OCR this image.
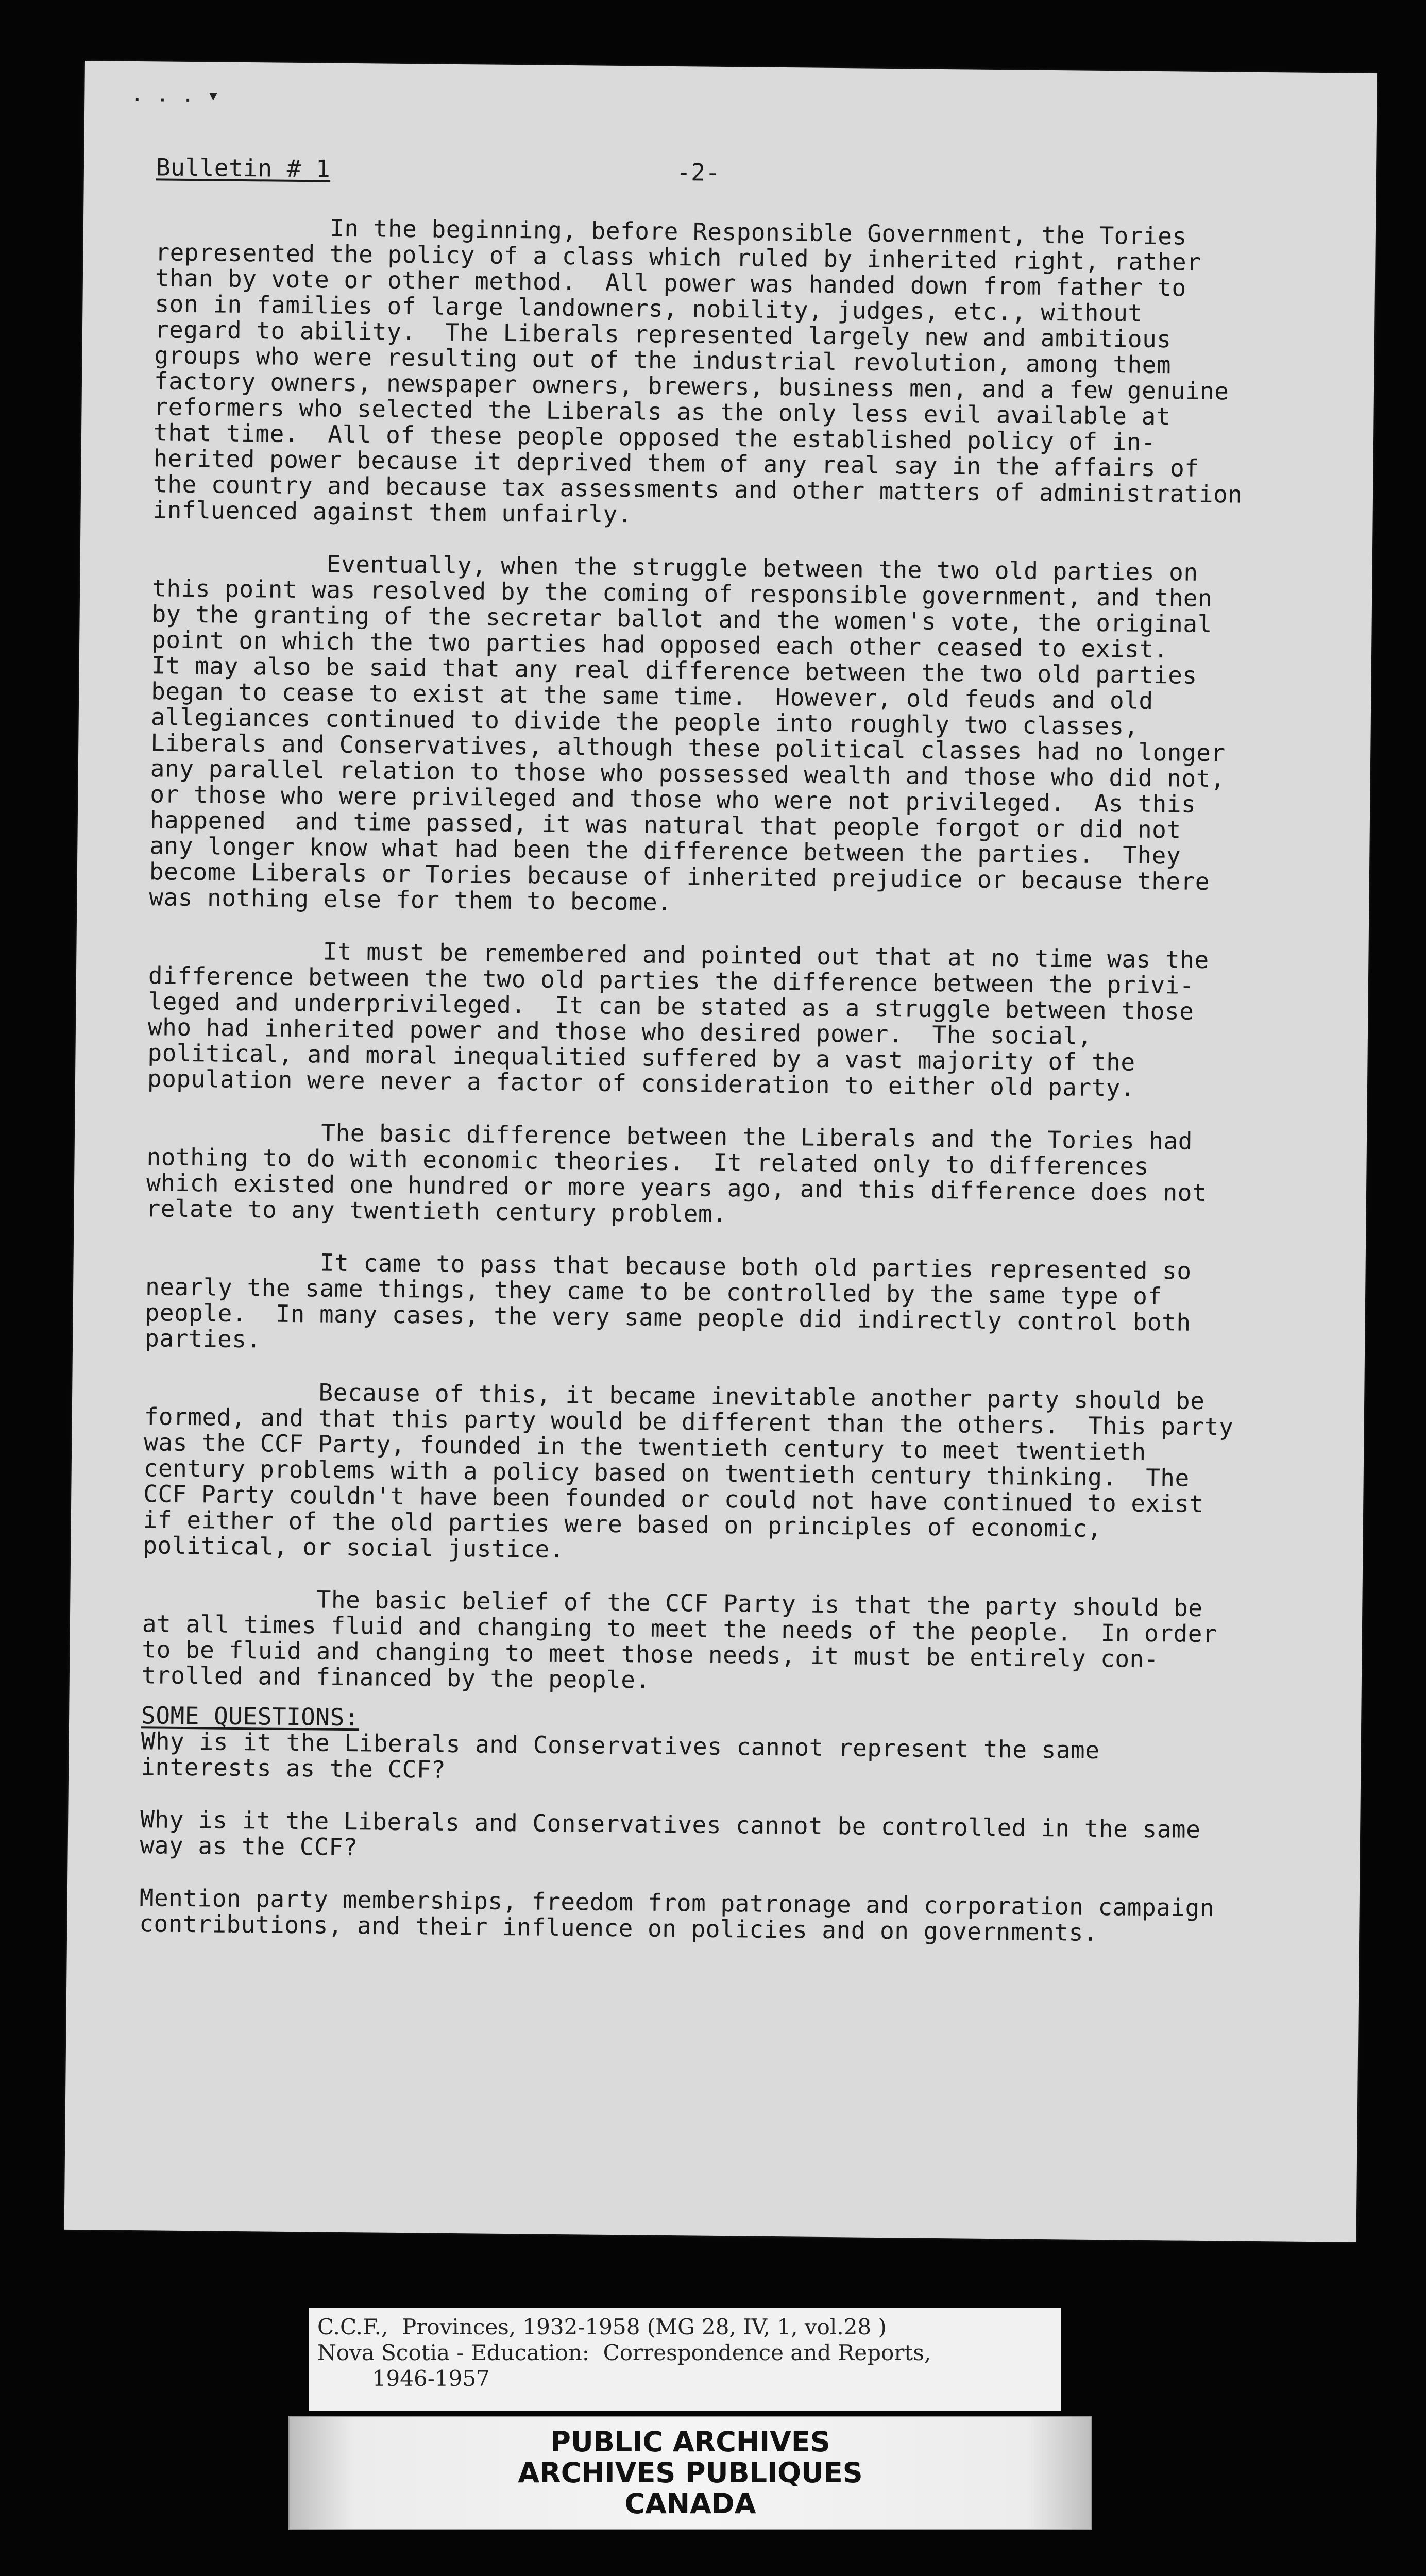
. . . ▾
Bulletin # 1	-2-

In the beginning, before Responsible Government, the Tories
represented the policy of a class which ruled by inherited right, rather
than by vote or other method.  All power was handed down from father to
son in families of large landowners, nobility, judges, etc., without
regard to ability.  The Liberals represented largely new and ambitious
groups who were resulting out of the industrial revolution, among them
factory owners, newspaper owners, brewers, business men, and a few genuine
reformers who selected the Liberals as the only less evil available at
that time.  All of these people opposed the established policy of in-
herited power because it deprived them of any real say in the affairs of
the country and because tax assessments and other matters of administration
influenced against them unfairly.

Eventually, when the struggle between the two old parties on
this point was resolved by the coming of responsible government, and then
by the granting of the secretar ballot and the women's vote, the original
point on which the two parties had opposed each other ceased to exist.
It may also be said that any real difference between the two old parties
began to cease to exist at the same time.  However, old feuds and old
allegiances continued to divide the people into roughly two classes,
Liberals and Conservatives, although these political classes had no longer
any parallel relation to those who possessed wealth and those who did not,
or those who were privileged and those who were not privileged.  As this
happened  and time passed, it was natural that people forgot or did not
any longer know what had been the difference between the parties.  They
become Liberals or Tories because of inherited prejudice or because there
was nothing else for them to become.

It must be remembered and pointed out that at no time was the
difference between the two old parties the difference between the privi-
leged and underprivileged.  It can be stated as a struggle between those
who had inherited power and those who desired power.  The social,
political, and moral inequalitied suffered by a vast majority of the
population were never a factor of consideration to either old party.

The basic difference between the Liberals and the Tories had
nothing to do with economic theories.  It related only to differences
which existed one hundred or more years ago, and this difference does not
relate to any twentieth century problem.

It came to pass that because both old parties represented so
nearly the same things, they came to be controlled by the same type of
people.  In many cases, the very same people did indirectly control both
parties.

Because of this, it became inevitable another party should be
formed, and that this party would be different than the others.  This party
was the CCF Party, founded in the twentieth century to meet twentieth
century problems with a policy based on twentieth century thinking.  The
CCF Party couldn't have been founded or could not have continued to exist
if either of the old parties were based on principles of economic,
political, or social justice.

The basic belief of the CCF Party is that the party should be
at all times fluid and changing to meet the needs of the people.  In order
to be fluid and changing to meet those needs, it must be entirely con-
trolled and financed by the people.

SOME QUESTIONS:

Why is it the Liberals and Conservatives cannot represent the same
interests as the CCF?

Why is it the Liberals and Conservatives cannot be controlled in the same
way as the CCF?

Mention party memberships, freedom from patronage and corporation campaign
contributions, and their influence on policies and on governments.

C.C.F.,  Provinces, 1932-1958 (MG 28, IV, 1, vol.28 )
Nova Scotia - Education:  Correspondence and Reports,
1946-1957
PUBLIC ARCHIVES
ARCHIVES PUBLIQUES
CANADA
